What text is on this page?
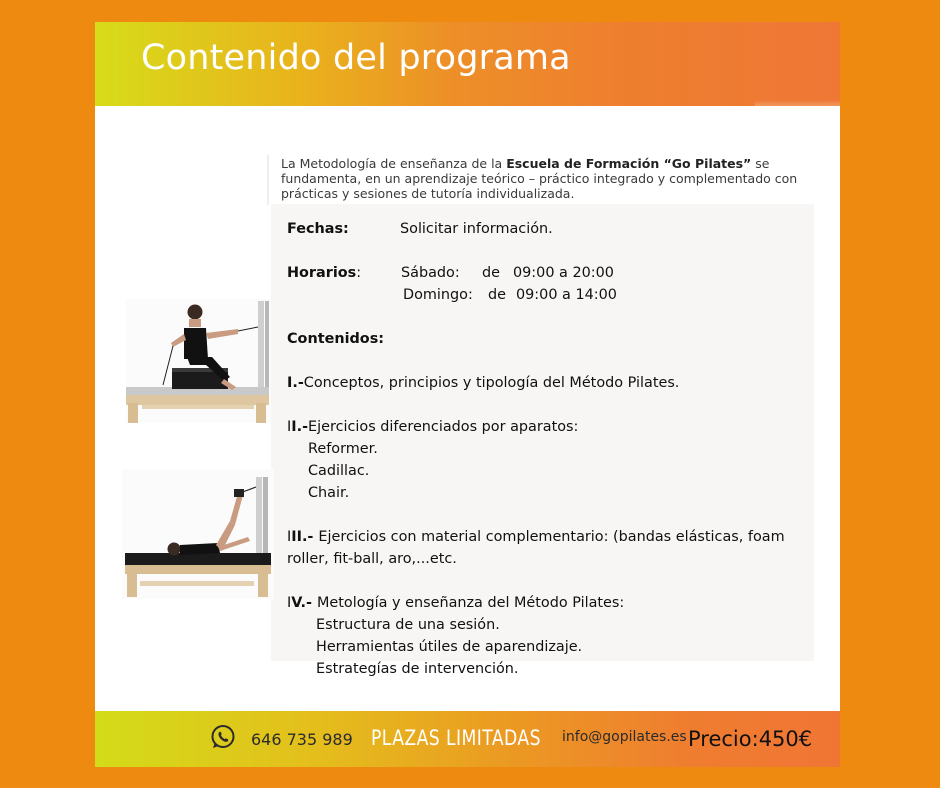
Contenido del programa
La Metodología de enseñanza de la Escuela de Formación “Go Pilates” se fundamenta, en un aprendizaje teórico – práctico integrado y complementado con prácticas y sesiones de tutoría individualizada.
Fechas:	Solicitar información.
Horarios:	Sábado: de 09:00 a 20:00
Domingo: de 09:00 a 14:00
Contenidos:
I.-Conceptos, principios y tipología del Método Pilates.
II.-Ejercicios diferenciados por aparatos:
Reformer.
Cadillac.
Chair.
III.- Ejercicios con material complementario: (bandas elásticas, foam roller, fit-ball, aro,...etc.
IV.- Metología y enseñanza del Método Pilates:
Estructura de una sesión.
Herramientas útiles de aparendizaje.
Estrategías de intervención.
646 735 989 PLAZAS LIMITADAS info@gopilates.es Precio:450€
